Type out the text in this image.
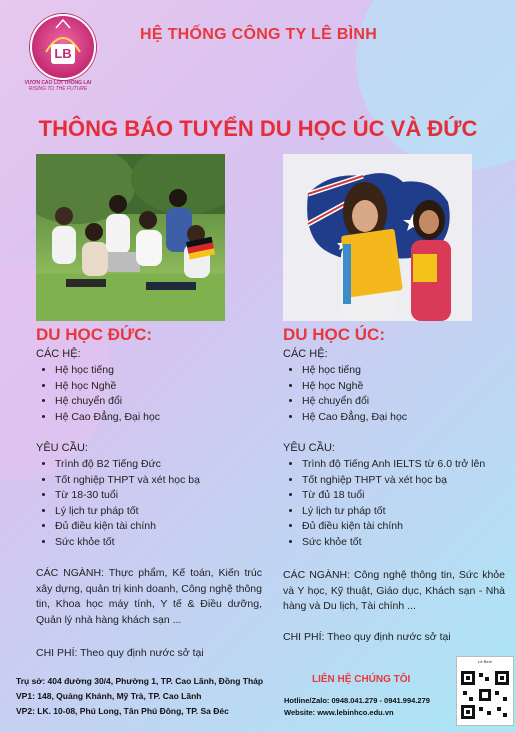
LB
VƯƠN CAO LỚI THÔNG LAI
RISING TO THE FUTURE
HỆ THỐNG CÔNG TY LÊ BÌNH
THÔNG BÁO TUYỂN DU HỌC ÚC VÀ ĐỨC
DU HỌC ĐỨC:
CÁC HỆ:
• Hệ học tiếng
• Hệ học Nghề
• Hệ chuyển đổi
• Hệ Cao Đẳng, Đại học
YÊU CẦU:
• Trình độ B2 Tiếng Đức
• Tốt nghiệp THPT và xét học bạ
• Từ 18-30 tuổi
• Lý lịch tư pháp tốt
• Đủ điều kiện tài chính
• Sức khỏe tốt
CÁC NGÀNH: Thực phẩm, Kế toán, Kiến trúc xây dựng, quản trị kinh doanh, Công nghệ thông tin, Khoa học máy tính, Y tế & Điều dưỡng, Quản lý nhà hàng khách sạn ...
CHI PHÍ: Theo quy định nước sở tại
DU HỌC ÚC:
CÁC HỆ:
• Hệ học tiếng
• Hệ học Nghề
• Hệ chuyển đổi
• Hệ Cao Đẳng, Đại học
YÊU CẦU:
• Trình độ Tiếng Anh IELTS từ 6.0 trở lên
• Tốt nghiệp THPT và xét học bạ
• Từ đủ 18 tuổi
• Lý lịch tư pháp tốt
• Đủ điều kiện tài chính
• Sức khỏe tốt
CÁC NGÀNH: Công nghệ thông tin, Sức khỏe và Y học, Kỹ thuật, Giáo dục, Khách sạn - Nhà hàng và Du lịch, Tài chính ...
CHI PHÍ: Theo quy định nước sở tại
Trụ sở: 404 đường 30/4, Phường 1, TP. Cao Lãnh, Đồng Tháp
VP1: 148, Quảng Khánh, Mỹ Trà, TP. Cao Lãnh
VP2: LK. 10-08, Phú Long, Tân Phú Đông, TP. Sa Đéc
LIÊN HỆ CHÚNG TÔI
Hotline/Zalo: 0948.041.279 - 0941.994.279
Website: www.lebinhco.edu.vn
Lê Bình
